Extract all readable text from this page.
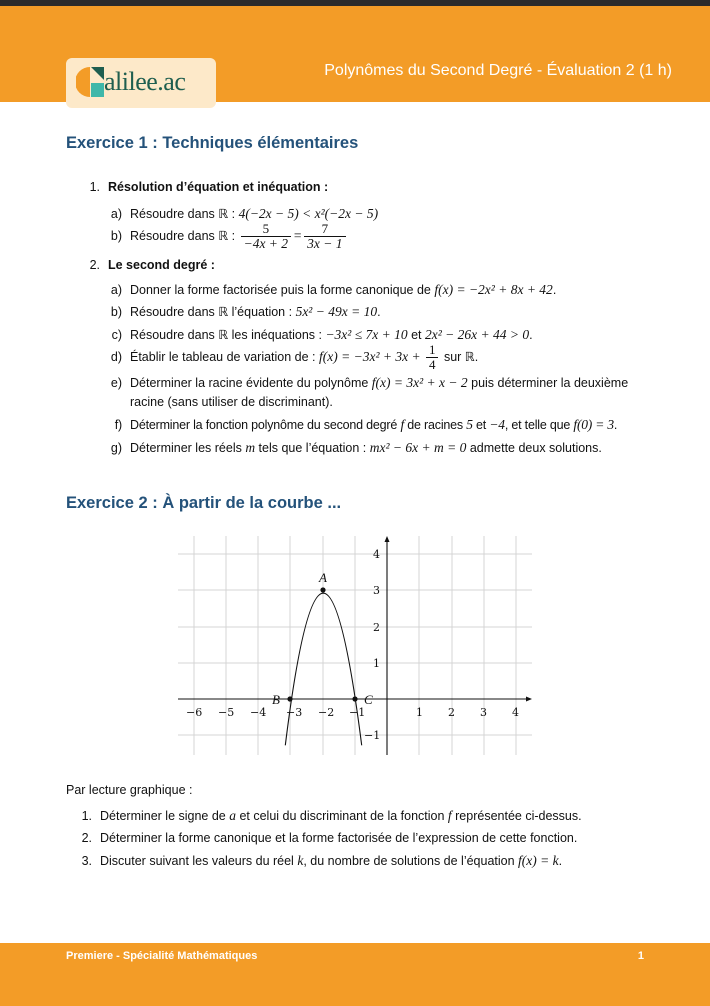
alilee.ac	Polynômes du Second Degré - Évaluation 2 (1 h)
Exercice 1 : Techniques élémentaires
1. Résolution d’équation et inéquation :
a) Résoudre dans ℝ : 4(−2x − 5) < x²(−2x − 5)
b) Résoudre dans ℝ : $\frac{5}{-4x + 2} = \frac{7}{3x - 1}$
2. Le second degré :
a) Donner la forme factorisée puis la forme canonique de f(x) = −2x² + 8x + 42.
b) Résoudre dans ℝ l’équation : 5x² − 49x = 10.
c) Résoudre dans ℝ les inéquations : −3x² ≤ 7x + 10 et 2x² − 26x + 44 > 0.
d) Établir le tableau de variation de : $f(x) = -3x^2 + 3x + \frac{1}{4}$ sur ℝ.
e) Déterminer la racine évidente du polynôme f(x) = 3x² + x − 2 puis déterminer la deuxième
racine (sans utiliser de discriminant).
f) Déterminer la fonction polynôme du second degré f de racines 5 et −4, et telle que f(0) = 3.
g) Déterminer les réels m tels que l’équation : mx² − 6x + m = 0 admette deux solutions.
Exercice 2 : À partir de la courbe ...
−6 −5 −4 −3 −2 −1	1 2 3 4
4
3
2
1
−1
A
B	C
Par lecture graphique :
1. Déterminer le signe de a et celui du discriminant de la fonction f représentée ci-dessus.
2. Déterminer la forme canonique et la forme factorisée de l’expression de cette fonction.
3. Discuter suivant les valeurs du réel k, du nombre de solutions de l’équation f(x) = k.
Premiere - Spécialité Mathématiques	1
